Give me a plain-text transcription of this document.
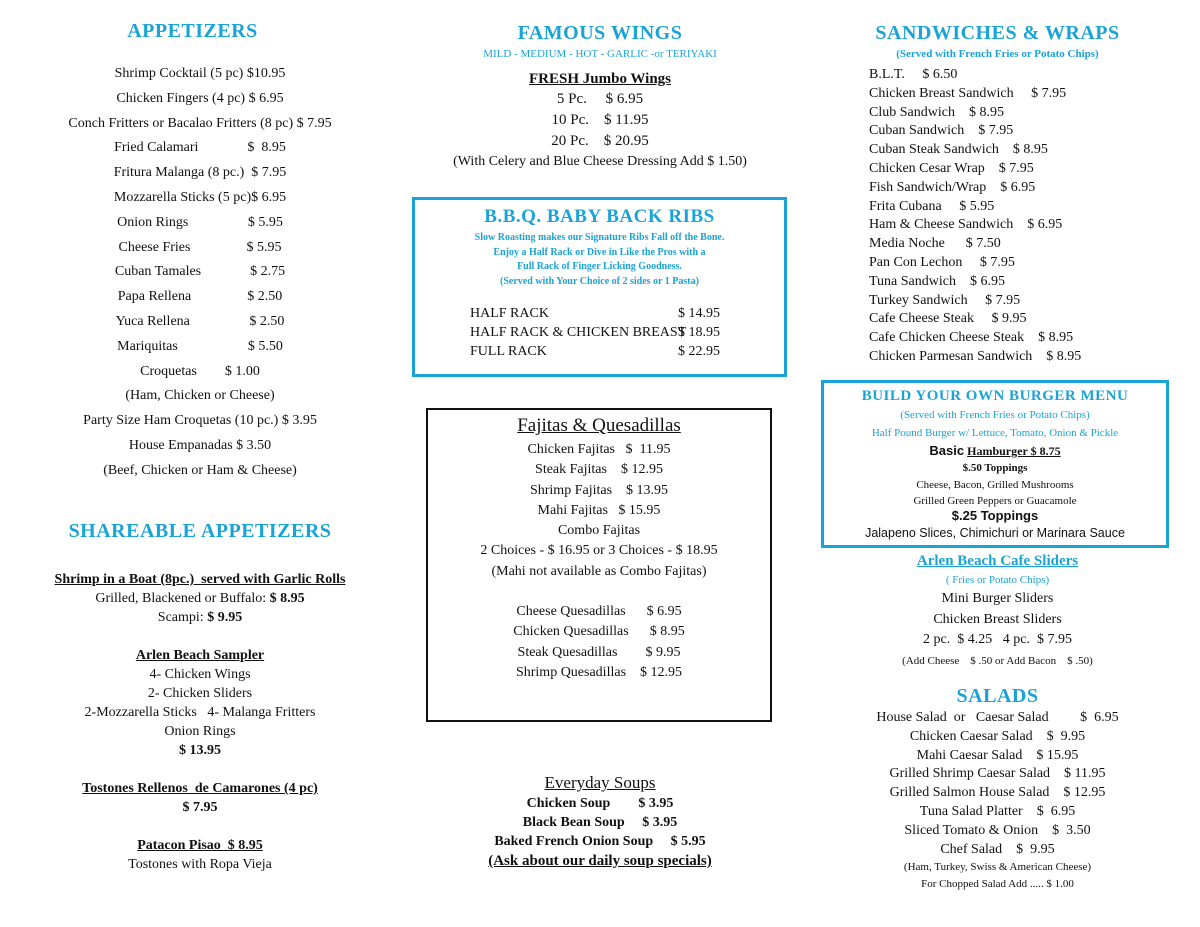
APPETIZERS
Shrimp Cocktail (5 pc) $10.95
Chicken Fingers (4 pc) $ 6.95
Conch Fritters or Bacalao Fritters (8 pc) $ 7.95
Fried Calamari              $  8.95
Fritura Malanga (8 pc.)  $ 7.95
Mozzarella Sticks (5 pc)$ 6.95
Onion Rings                 $ 5.95
Cheese Fries                $ 5.95
Cuban Tamales              $ 2.75
Papa Rellena                $ 2.50
Yuca Rellena                 $ 2.50
Mariquitas                    $ 5.50
Croquetas        $ 1.00
(Ham, Chicken or Cheese)
Party Size Ham Croquetas (10 pc.) $ 3.95
House Empanadas $ 3.50
(Beef, Chicken or Ham & Cheese)
SHAREABLE APPETIZERS
Shrimp in a Boat (8pc.)  served with Garlic Rolls
Grilled, Blackened or Buffalo: $ 8.95
Scampi: $ 9.95
Arlen Beach Sampler
4- Chicken Wings
2- Chicken Sliders
2-Mozzarella Sticks   4- Malanga Fritters
Onion Rings
$ 13.95
Tostones Rellenos  de Camarones (4 pc)
$ 7.95
Patacon Pisao  $ 8.95
Tostones with Ropa Vieja
FAMOUS WINGS
MILD - MEDIUM - HOT - GARLIC -or TERIYAKI
FRESH Jumbo Wings
5 Pc.     $ 6.95
10 Pc.    $ 11.95
20 Pc.    $ 20.95
(With Celery and Blue Cheese Dressing Add $ 1.50)
B.B.Q. BABY BACK RIBS
Slow Roasting makes our Signature Ribs Fall off the Bone.
Enjoy a Half Rack or Dive in Like the Pros with a
Full Rack of Finger Licking Goodness.
(Served with Your Choice of 2 sides or 1 Pasta)
HALF RACK	$ 14.95
HALF RACK & CHICKEN BREAST
$ 18.95
FULL RACK	$ 22.95
Fajitas & Quesadillas
Chicken Fajitas   $  11.95
Steak Fajitas    $ 12.95
Shrimp Fajitas    $ 13.95
Mahi Fajitas   $ 15.95
Combo Fajitas
2 Choices - $ 16.95 or 3 Choices - $ 18.95
(Mahi not available as Combo Fajitas)
Cheese Quesadillas      $ 6.95
Chicken Quesadillas      $ 8.95
Steak Quesadillas        $ 9.95
Shrimp Quesadillas    $ 12.95
Everyday Soups
Chicken Soup        $ 3.95
Black Bean Soup     $ 3.95
Baked French Onion Soup     $ 5.95
(Ask about our daily soup specials)
SANDWICHES & WRAPS
(Served with French Fries or Potato Chips)
B.L.T.     $ 6.50
Chicken Breast Sandwich     $ 7.95
Club Sandwich    $ 8.95
Cuban Sandwich    $ 7.95
Cuban Steak Sandwich    $ 8.95
Chicken Cesar Wrap    $ 7.95
Fish Sandwich/Wrap    $ 6.95
Frita Cubana     $ 5.95
Ham & Cheese Sandwich    $ 6.95
Media Noche      $ 7.50
Pan Con Lechon     $ 7.95
Tuna Sandwich    $ 6.95
Turkey Sandwich     $ 7.95
Cafe Cheese Steak     $ 9.95
Cafe Chicken Cheese Steak    $ 8.95
Chicken Parmesan Sandwich    $ 8.95
BUILD YOUR OWN BURGER MENU
(Served with French Fries or Potato Chips)
Half Pound Burger w/ Lettuce, Tomato, Onion & Pickle
Basic Hamburger $ 8.75
$.50 Toppings
Cheese, Bacon, Grilled Mushrooms
Grilled Green Peppers or Guacamole
$.25 Toppings
Jalapeno Slices, Chimichuri or Marinara Sauce
Arlen Beach Cafe Sliders
( Fries or Potato Chips)
Mini Burger Sliders
Chicken Breast Sliders
2 pc.  $ 4.25   4 pc.  $ 7.95
(Add Cheese    $ .50 or Add Bacon    $ .50)
SALADS
House Salad  or   Caesar Salad         $  6.95
Chicken Caesar Salad    $  9.95
Mahi Caesar Salad    $ 15.95
Grilled Shrimp Caesar Salad    $ 11.95
Grilled Salmon House Salad    $ 12.95
Tuna Salad Platter    $  6.95
Sliced Tomato & Onion    $  3.50
Chef Salad    $  9.95
(Ham, Turkey, Swiss & American Cheese)
For Chopped Salad Add ..... $ 1.00
